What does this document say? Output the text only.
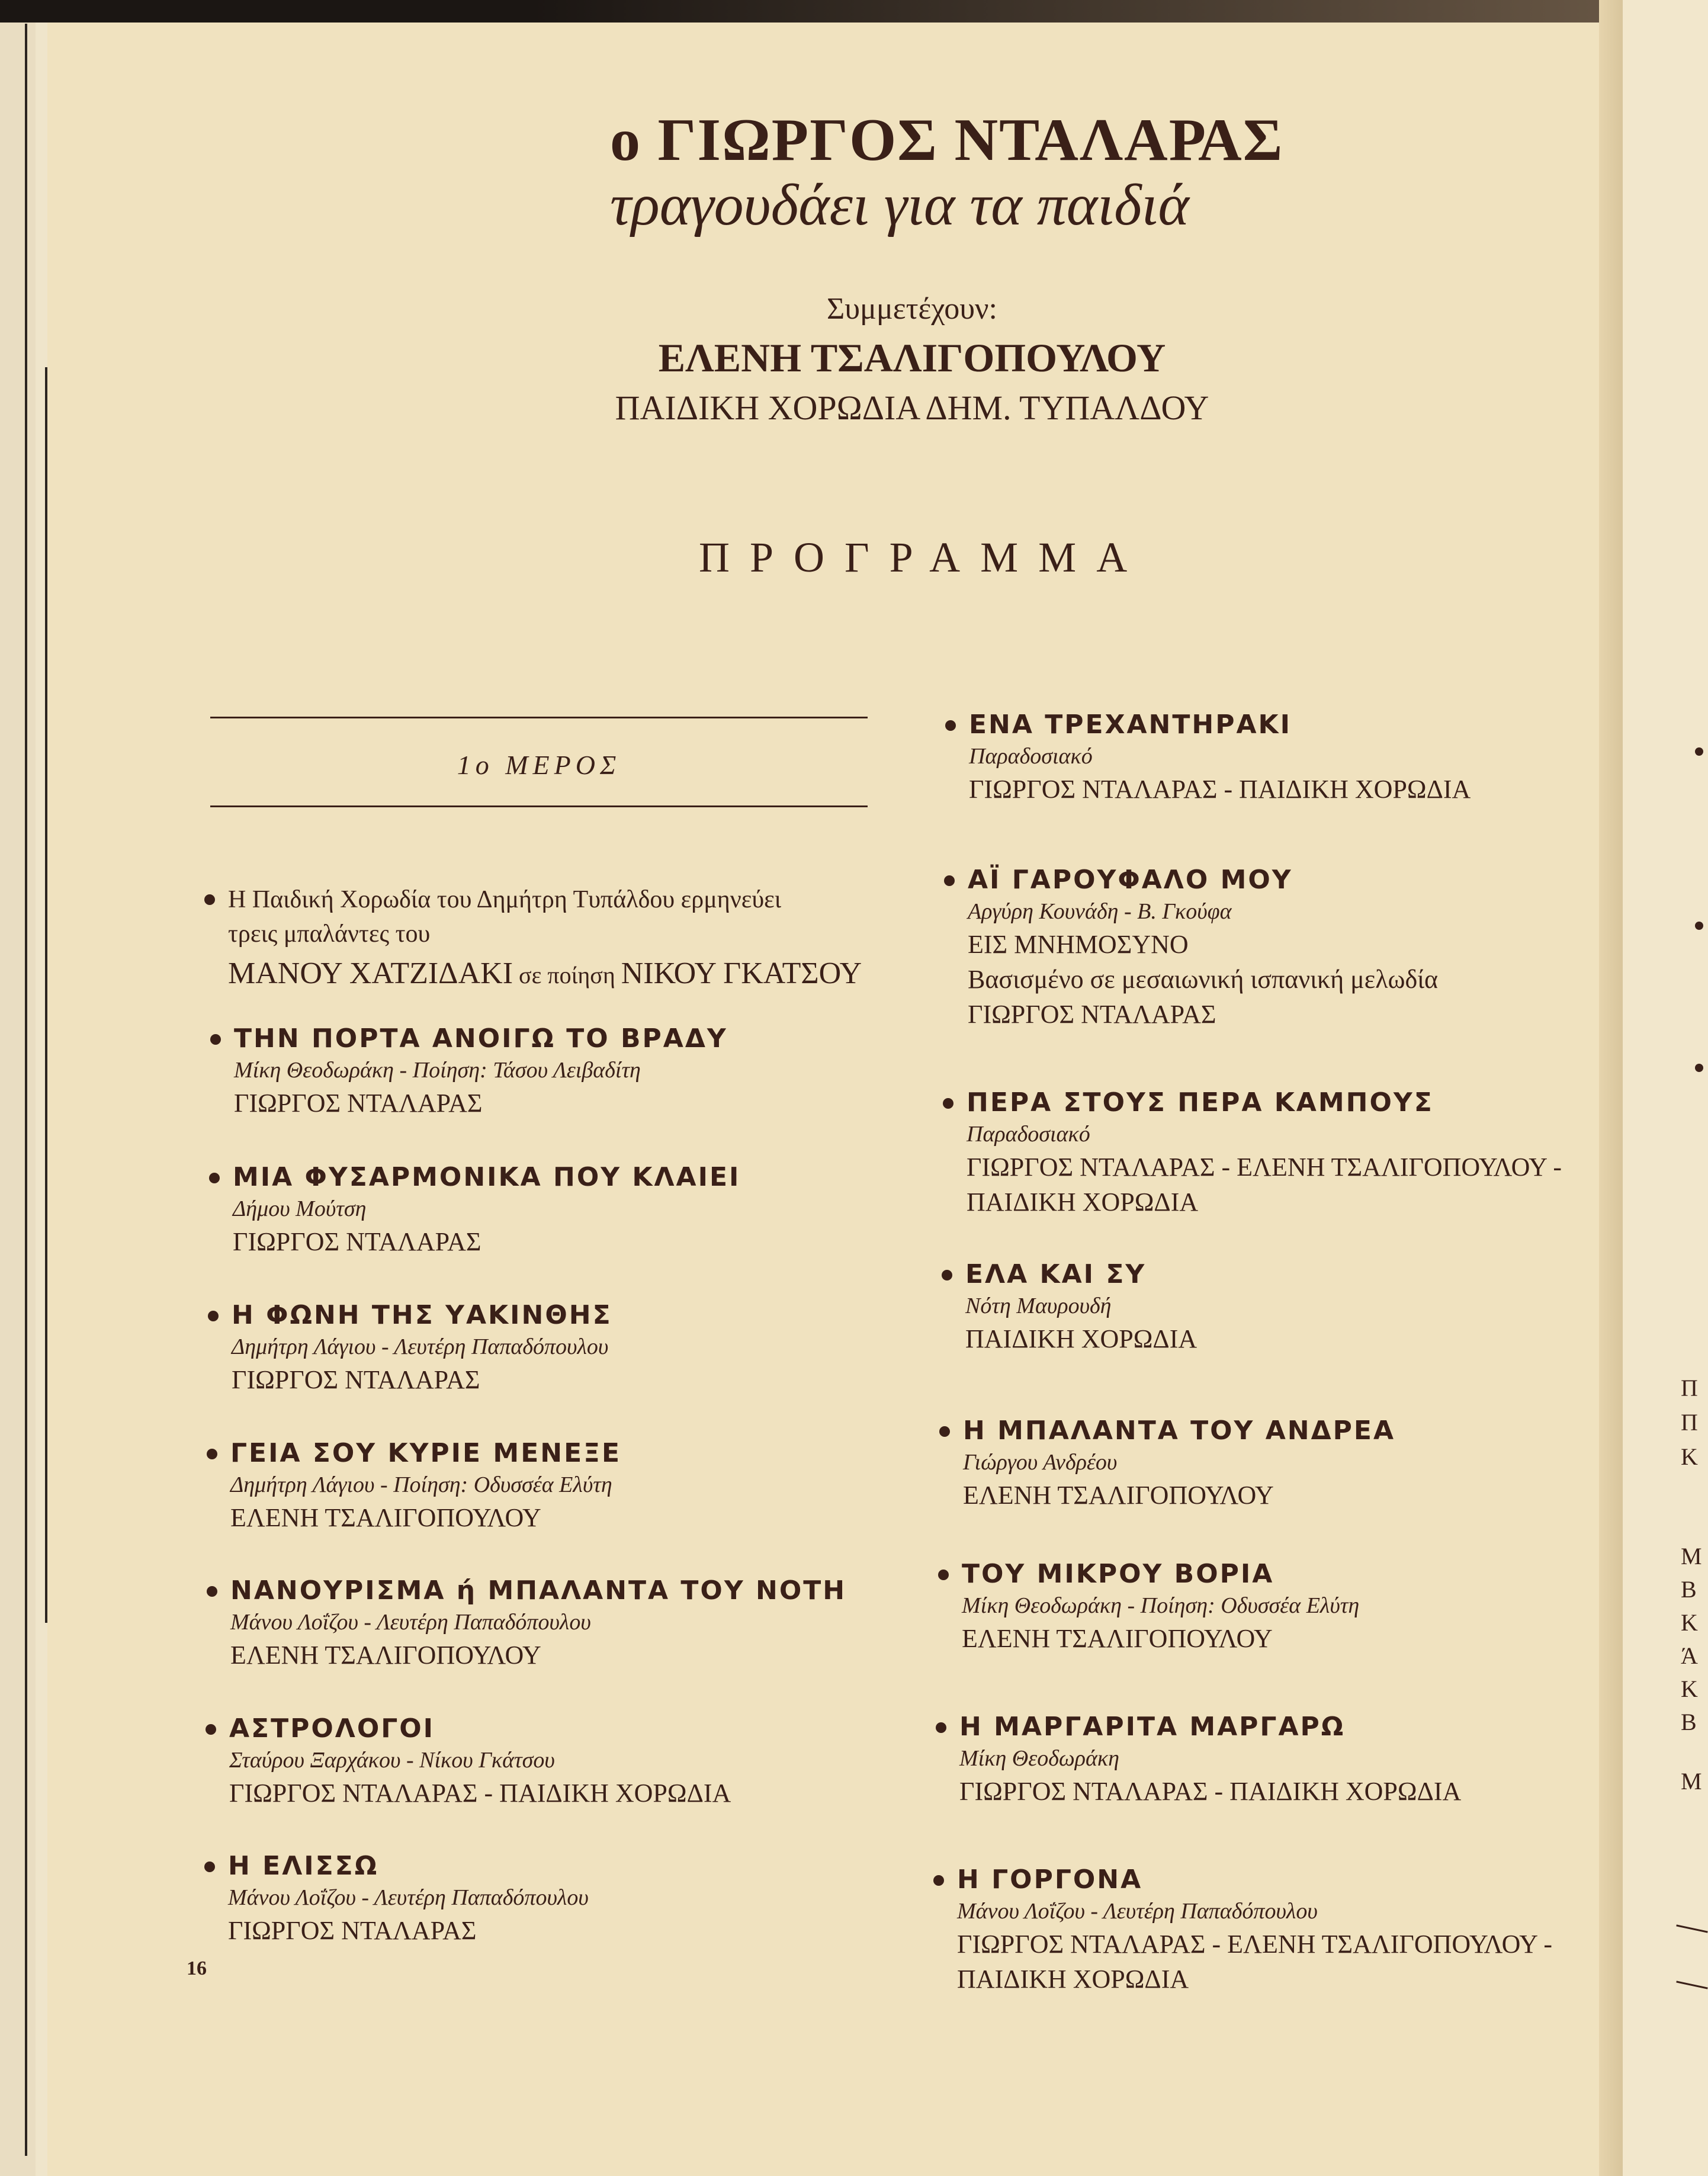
ο ΓΙΩΡΓΟΣ ΝΤΑΛΑΡΑΣ
τραγουδάει για τα παιδιά
Συμμετέχουν:
ΕΛΕΝΗ ΤΣΑΛΙΓΟΠΟΥΛΟΥ
ΠΑΙΔΙΚΗ ΧΟΡΩΔΙΑ ΔΗΜ. ΤΥΠΑΛΔΟΥ
ΠΡΟΓΡΑΜΜΑ
1ο ΜΕΡΟΣ
Η Παιδική Χορωδία του Δημήτρη Τυπάλδου ερμηνεύει
τρεις μπαλάντες του
ΜΑΝΟΥ ΧΑΤΖΙΔΑΚΙ σε ποίηση ΝΙΚΟΥ ΓΚΑΤΣΟΥ
ΤΗΝ ΠΟΡΤΑ ΑΝΟΙΓΩ ΤΟ ΒΡΑΔΥ
Μίκη Θεοδωράκη - Ποίηση: Τάσου Λειβαδίτη
ΓΙΩΡΓΟΣ ΝΤΑΛΑΡΑΣ
ΜΙΑ ΦΥΣΑΡΜΟΝΙΚΑ ΠΟΥ ΚΛΑΙΕΙ
Δήμου Μούτση
ΓΙΩΡΓΟΣ ΝΤΑΛΑΡΑΣ
Η ΦΩΝΗ ΤΗΣ ΥΑΚΙΝΘΗΣ
Δημήτρη Λάγιου - Λευτέρη Παπαδόπουλου
ΓΙΩΡΓΟΣ ΝΤΑΛΑΡΑΣ
ΓΕΙΑ ΣΟΥ ΚΥΡΙΕ ΜΕΝΕΞΕ
Δημήτρη Λάγιου - Ποίηση: Οδυσσέα Ελύτη
ΕΛΕΝΗ ΤΣΑΛΙΓΟΠΟΥΛΟΥ
ΝΑΝΟΥΡΙΣΜΑ ή ΜΠΑΛΑΝΤΑ ΤΟΥ ΝΟΤΗ
Μάνου Λοΐζου - Λευτέρη Παπαδόπουλου
ΕΛΕΝΗ ΤΣΑΛΙΓΟΠΟΥΛΟΥ
ΑΣΤΡΟΛΟΓΟΙ
Σταύρου Ξαρχάκου - Νίκου Γκάτσου
ΓΙΩΡΓΟΣ ΝΤΑΛΑΡΑΣ - ΠΑΙΔΙΚΗ ΧΟΡΩΔΙΑ
Η ΕΛΙΣΣΩ
Μάνου Λοΐζου - Λευτέρη Παπαδόπουλου
ΓΙΩΡΓΟΣ ΝΤΑΛΑΡΑΣ
ΕΝΑ ΤΡΕΧΑΝΤΗΡΑΚΙ
Παραδοσιακό
ΓΙΩΡΓΟΣ ΝΤΑΛΑΡΑΣ - ΠΑΙΔΙΚΗ ΧΟΡΩΔΙΑ
ΑΪ ΓΑΡΟΥΦΑΛΟ ΜΟΥ
Αργύρη Κουνάδη - Β. Γκούφα
ΕΙΣ ΜΝΗΜΟΣΥΝΟ
Βασισμένο σε μεσαιωνική ισπανική μελωδία
ΓΙΩΡΓΟΣ ΝΤΑΛΑΡΑΣ
ΠΕΡΑ ΣΤΟΥΣ ΠΕΡΑ ΚΑΜΠΟΥΣ
Παραδοσιακό
ΓΙΩΡΓΟΣ ΝΤΑΛΑΡΑΣ - ΕΛΕΝΗ ΤΣΑΛΙΓΟΠΟΥΛΟΥ -
ΠΑΙΔΙΚΗ ΧΟΡΩΔΙΑ
ΕΛΑ ΚΑΙ ΣΥ
Νότη Μαυρουδή
ΠΑΙΔΙΚΗ ΧΟΡΩΔΙΑ
Η ΜΠΑΛΑΝΤΑ ΤΟΥ ΑΝΔΡΕΑ
Γιώργου Ανδρέου
ΕΛΕΝΗ ΤΣΑΛΙΓΟΠΟΥΛΟΥ
ΤΟΥ ΜΙΚΡΟΥ ΒΟΡΙΑ
Μίκη Θεοδωράκη - Ποίηση: Οδυσσέα Ελύτη
ΕΛΕΝΗ ΤΣΑΛΙΓΟΠΟΥΛΟΥ
Η ΜΑΡΓΑΡΙΤΑ ΜΑΡΓΑΡΩ
Μίκη Θεοδωράκη
ΓΙΩΡΓΟΣ ΝΤΑΛΑΡΑΣ - ΠΑΙΔΙΚΗ ΧΟΡΩΔΙΑ
Η ΓΟΡΓΟΝΑ
Μάνου Λοΐζου - Λευτέρη Παπαδόπουλου
ΓΙΩΡΓΟΣ ΝΤΑΛΑΡΑΣ - ΕΛΕΝΗ ΤΣΑΛΙΓΟΠΟΥΛΟΥ -
ΠΑΙΔΙΚΗ ΧΟΡΩΔΙΑ
16
Π
Π
Κ
Μ
Β
Κ
Ά
Κ
Β
Μ
